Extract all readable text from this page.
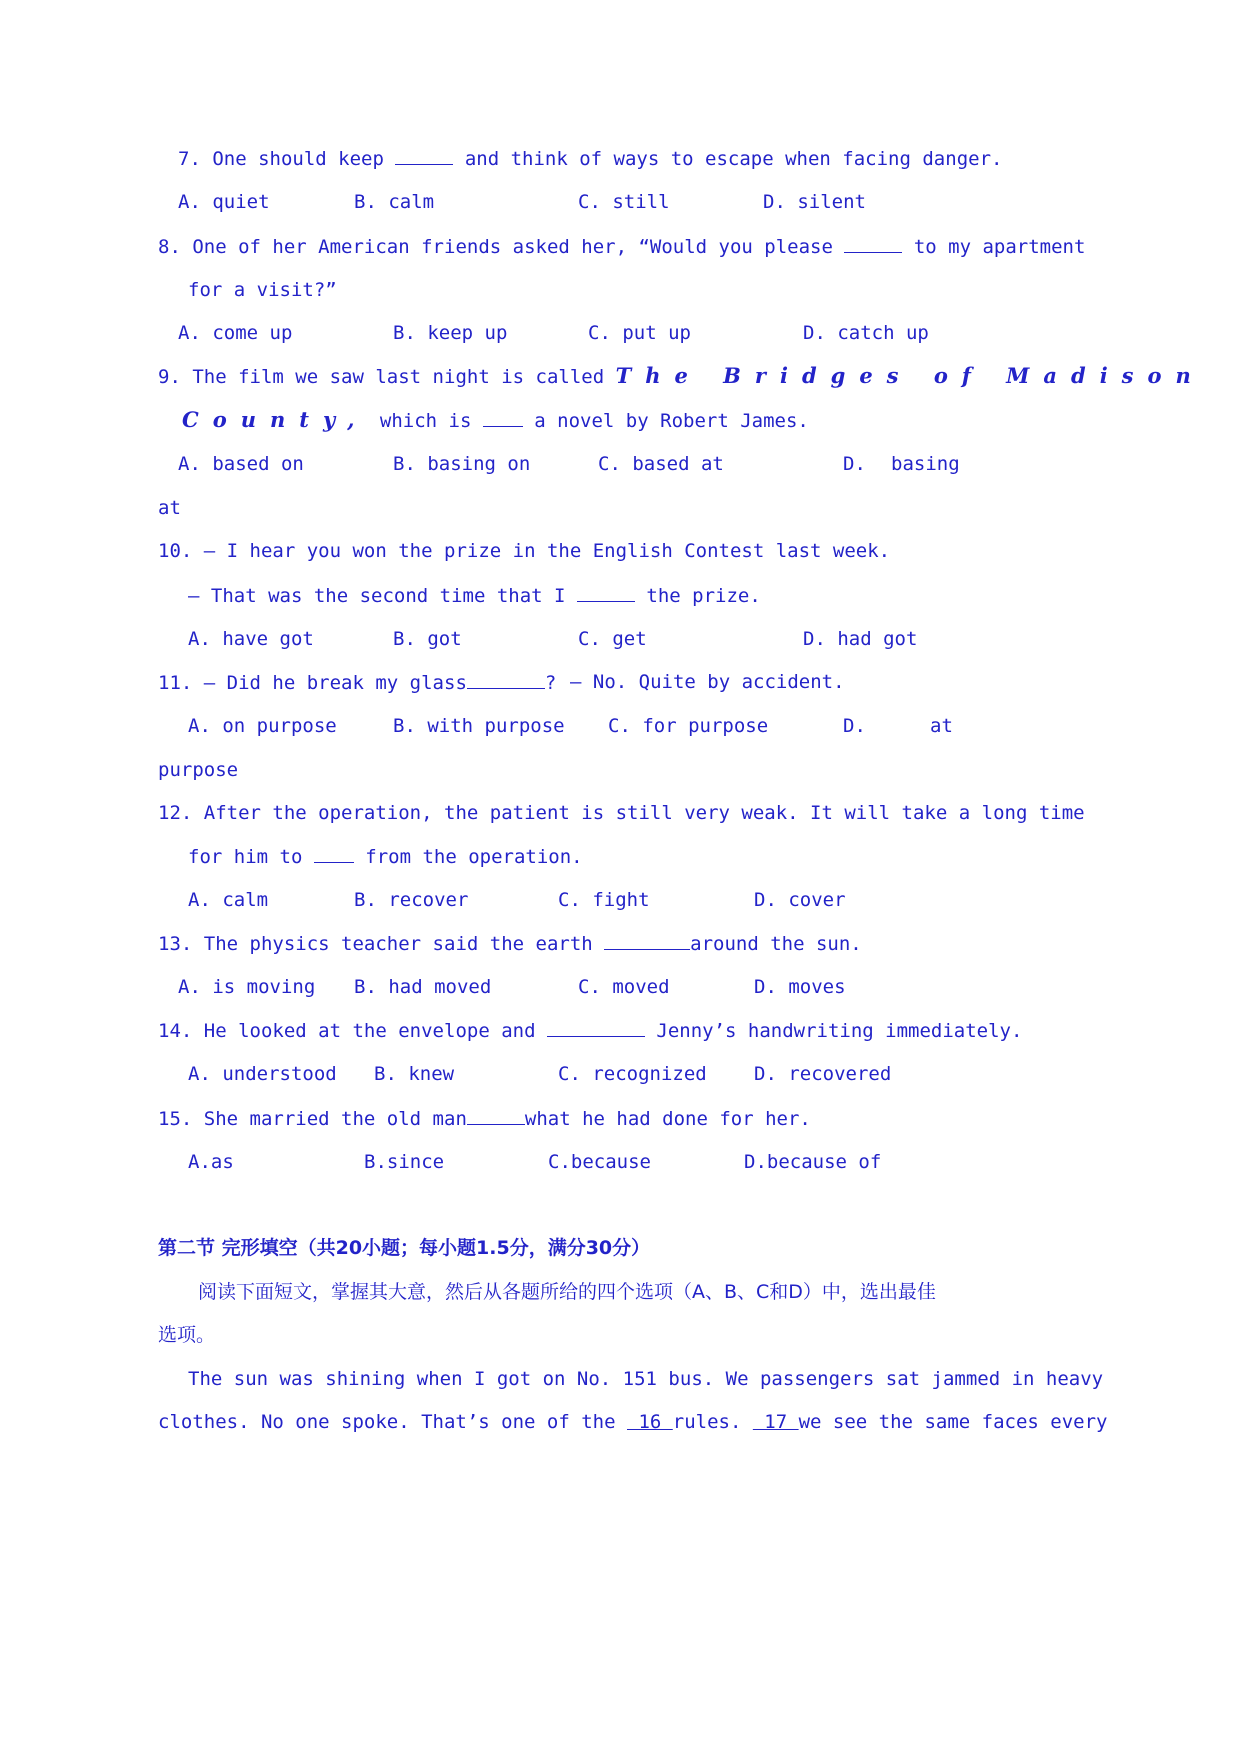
7. One should keep	and think of ways to escape when facing danger.
A. quiet	B. calm	C. still	D. silent
8. One of her American friends asked her, “Would you please	to my apartment
for a visit?”
A. come up	B. keep up	C. put up	D. catch up
9. The film we saw last night is called The Bridges of Madison
County, which is  a novel by Robert James.
A. based on	B. basing on	C. based at	D. basing
at
10. — I hear you won the prize in the English Contest last week.
— That was the second time that I	the prize.
A. have got	B. got	C. get	D. had got
11. — Did he break my glass	? — No. Quite by accident.
A. on purpose	B. with purpose C. for purpose	D.	at
purpose
12. After the operation, the patient is still very weak. It will take a long time
for him to  from the operation.
A. calm	B. recover	C. fight	D. cover
13. The physics teacher said the earth	around the sun.
A. is moving B. had moved	C. moved	D. moves
14. He looked at the envelope and	Jenny’s handwriting immediately.
A. understood B. knew	C. recognized D. recovered
15. She married the old man	what he had done for her.
A.as	B.since	C.because	D.because of
第二节 完形填空（共20小题；每小题1.5分，满分30分）
阅读下面短文，掌握其大意，然后从各题所给的四个选项（A、B、C和D）中，选出最佳
选项。
The sun was shining when I got on No. 151 bus. We passengers sat jammed in heavy
clothes. No one spoke. That’s one of the  16 rules.  17 we see the same faces every
